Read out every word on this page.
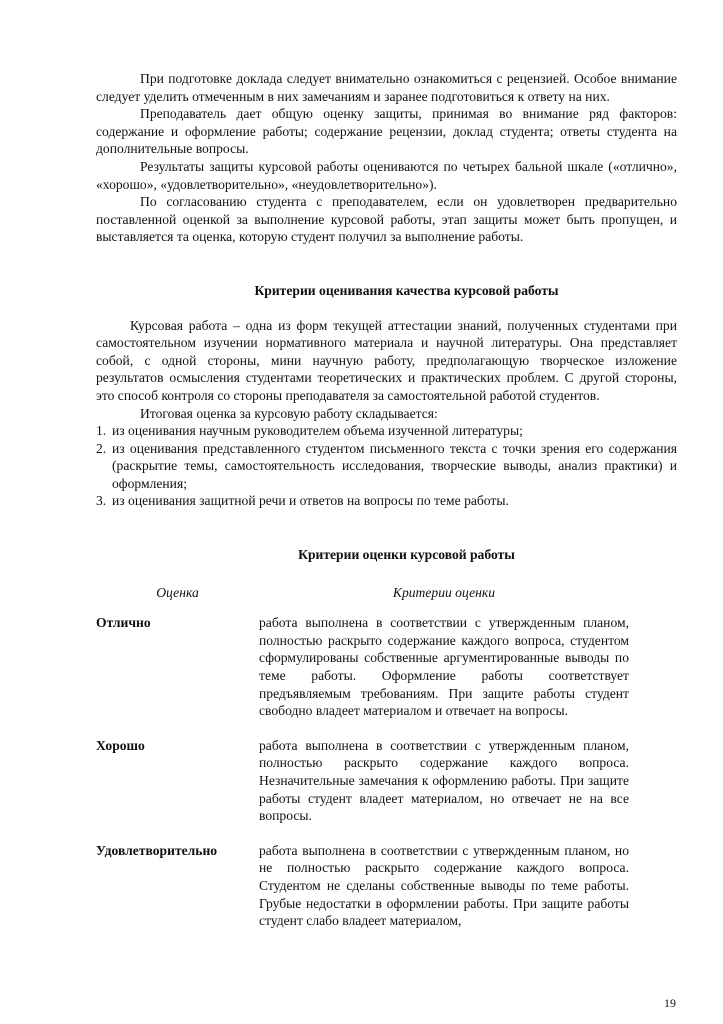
При подготовке доклада следует внимательно ознакомиться с рецензией. Особое внимание следует уделить отмеченным в них замечаниям и заранее подготовиться к ответу на них.

Преподаватель дает общую оценку защиты, принимая во внимание ряд факторов: содержание и оформление работы; содержание рецензии, доклад студента; ответы студента на дополнительные вопросы.

Результаты защиты курсовой работы оцениваются по четырех бальной шкале («отлично», «хорошо», «удовлетворительно», «неудовлетворительно»).

По согласованию студента с преподавателем, если он удовлетворен предварительно поставленной оценкой за выполнение курсовой работы, этап защиты может быть пропущен, и выставляется та оценка, которую студент получил за выполнение работы.

Критерии оценивания качества курсовой работы

Курсовая работа – одна из форм текущей аттестации знаний, полученных студентами при самостоятельном изучении нормативного материала и научной литературы. Она представляет собой, с одной стороны, мини научную работу, предполагающую творческое изложение результатов осмысления студентами теоретических и практических проблем. С другой стороны, это способ контроля со стороны преподавателя за самостоятельной работой студентов.

Итоговая оценка за курсовую работу складывается:

1. из оценивания научным руководителем объема изученной литературы;
2. из оценивания представленного студентом письменного текста с точки зрения его содержания (раскрытие темы, самостоятельность исследования, творческие выводы, анализ практики) и оформления;
3. из оценивания защитной речи и ответов на вопросы по теме работы.

Критерии оценки курсовой работы

Оценка	Критерии оценки
Отлично	работа выполнена в соответствии с утвержденным планом, полностью раскрыто содержание каждого вопроса, студентом сформулированы собственные аргументированные выводы по теме работы. Оформление работы соответствует предъявляемым требованиям. При защите работы студент свободно владеет материалом и отвечает на вопросы.
Хорошо	работа выполнена в соответствии с утвержденным планом, полностью раскрыто содержание каждого вопроса. Незначительные замечания к оформлению работы. При защите работы студент владеет материалом, но отвечает не на все вопросы.
Удовлетворительно	работа выполнена в соответствии с утвержденным планом, но не полностью раскрыто содержание каждого вопроса. Студентом не сделаны собственные выводы по теме работы. Грубые недостатки в оформлении работы. При защите работы студент слабо владеет материалом,
19
